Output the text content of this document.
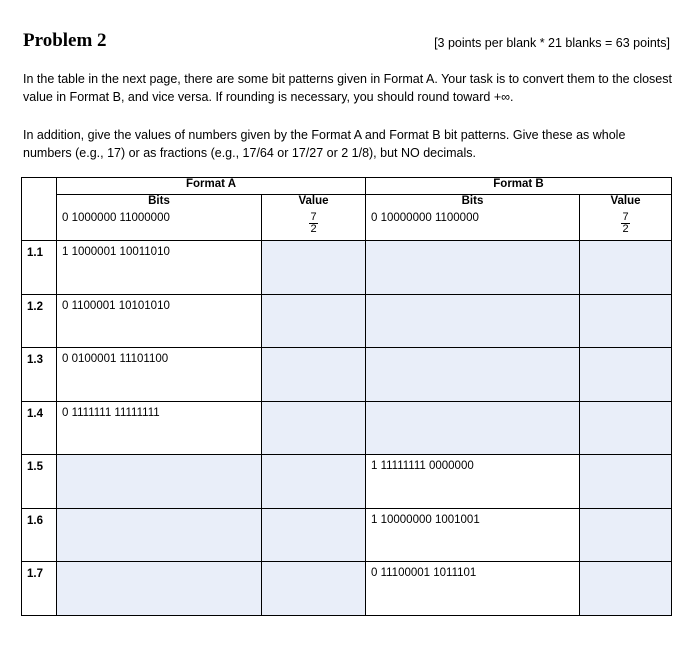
Problem 2	[3 points per blank * 21 blanks = 63 points]
In the table in the next page, there are some bit patterns given in Format A. Your task is to convert them to the closest value in Format B, and vice versa. If rounding is necessary, you should round toward +∞.
In addition, give the values of numbers given by the Format A and Format B bit patterns. Give these as whole numbers (e.g., 17) or as fractions (e.g., 17/64 or 17/27 or 2 1/8), but NO decimals.
	Format A		Format B	
	Bits	Value	Bits	Value
	0 1000000 11000000	$\frac{7}{2}$	0 10000000 1100000	$\frac{7}{2}$

1.1	1 1000001 10011010			
1.2	0 1100001 10101010			
1.3	0 0100001 11101100			
1.4	0 1111111 11111111			
1.5			1 11111111 0000000	
1.6			1 10000000 1001001	
1.7			0 11100001 1011101	
